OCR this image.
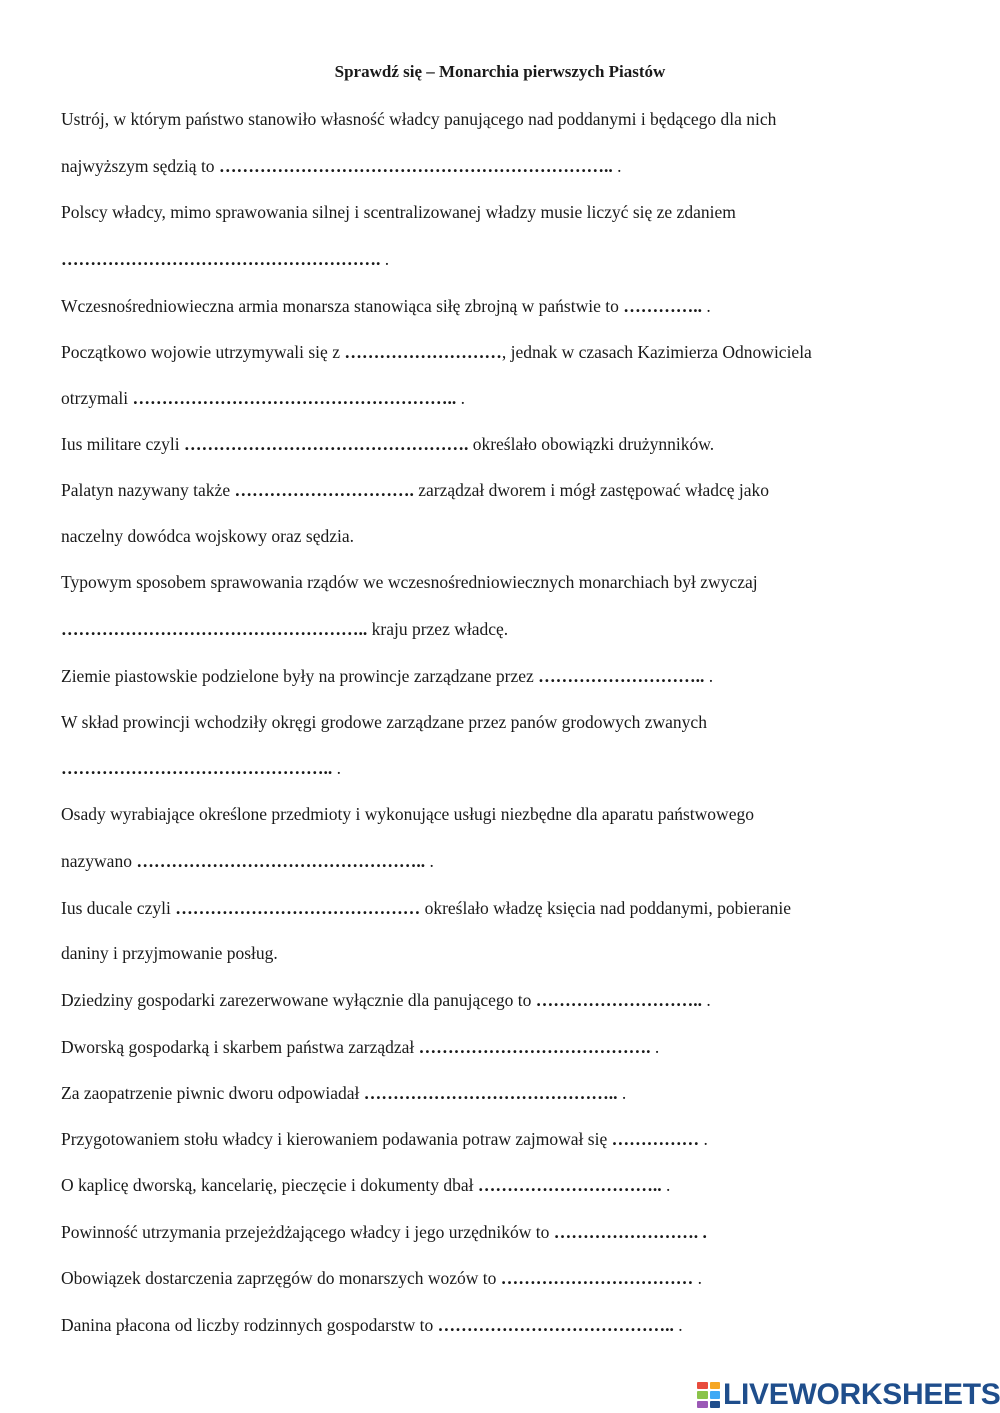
Sprawdź się – Monarchia pierwszych Piastów
Ustrój, w którym państwo stanowiło własność władcy panującego nad poddanymi i będącego dla nich
najwyższym sędzią to ………………………………………………………….. .
Polscy władcy, mimo sprawowania silnej i scentralizowanej władzy musie liczyć się ze zdaniem
………………………………………………. .
Wczesnośredniowieczna armia monarsza stanowiąca siłę zbrojną w państwie to ………….. .
Początkowo wojowie utrzymywali się z ………………………, jednak w czasach Kazimierza Odnowiciela
otrzymali ……………………………………………….. .
Ius militare czyli …………………………………………. określało obowiązki drużynników.
Palatyn nazywany także …………………………. zarządzał dworem i mógł zastępować władcę jako
naczelny dowódca wojskowy oraz sędzia.
Typowym sposobem sprawowania rządów we wczesnośredniowiecznych monarchiach był zwyczaj
…………………………………………….. kraju przez władcę.
Ziemie piastowskie podzielone były na prowincje zarządzane przez ……………………….. .
W skład prowincji wchodziły okręgi grodowe zarządzane przez panów grodowych zwanych
……………………………………….. .
Osady wyrabiające określone przedmioty i wykonujące usługi niezbędne dla aparatu państwowego
nazywano ………………………………………….. .
Ius ducale czyli …………………………………… określało władzę księcia nad poddanymi, pobieranie
daniny i przyjmowanie posług.
Dziedziny gospodarki zarezerwowane wyłącznie dla panującego to ……………………….. .
Dworską gospodarką i skarbem państwa zarządzał …………………………………. .
Za zaopatrzenie piwnic dworu odpowiadał …………………………………….. .
Przygotowaniem stołu władcy i kierowaniem podawania potraw zajmował się …………… .
O kaplicę dworską, kancelarię, pieczęcie i dokumenty dbał ………………………….. .
Powinność utrzymania przejeżdżającego władcy i jego urzędników to ……………………. .
Obowiązek dostarczenia zaprzęgów do monarszych wozów to …………………………… .
Danina płacona od liczby rodzinnych gospodarstw to ………………………………….. .
LIVEWORKSHEETS
